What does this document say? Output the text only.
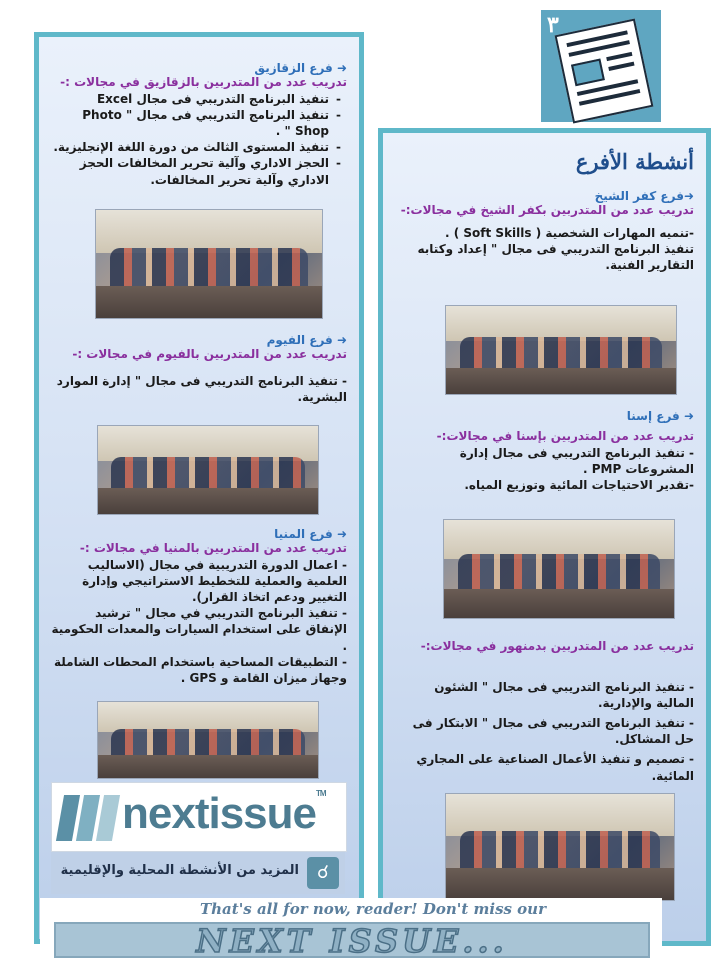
٣
➜ فرع الزقازيق
تدريب عدد من المتدربين بالزقازيق في مجالات :-
- تنفيذ البرنامج التدريبي فى مجال Excel
- تنفيذ البرنامج التدريبي فى مجال " Photo Shop " .
- تنفيذ المستوى الثالث من دورة اللغة الإنجليزية.
- الحجز الاداري وآلية تحرير المخالفات الحجز الاداري وآلية تحرير المخالفات.
➜ فرع الفيوم
تدريب عدد من المتدربين بالفيوم في مجالات :-
- تنفيذ البرنامج التدريبي فى مجال " إدارة الموارد البشرية.
➜ فرع المنيا
تدريب عدد من المتدربين بالمنيا في مجالات :-
- اعمال الدورة التدريبية في مجال (الاساليب العلمية والعملية للتخطيط الاستراتيجي وإدارة التغيير ودعم اتخاذ القرار).
- تنفيذ البرنامج التدريبي في مجال " ترشيد الإنفاق على استخدام السيارات والمعدات الحكومية .
- التطبيقات المساحية باستخدام المحطات الشاملة وجهاز ميزان القامة و GPS .
nextissue™
☌
المزيد من الأنشطة المحلية والإقليمية
أنشطة الأفرع
➜فرع كفر الشيخ
تدريب عدد من المتدربين بكفر الشيخ في مجالات:-
-تنميه المهارات الشخصية ( Soft Skills ) .
تنفيذ البرنامج التدريبي فى مجال " إعداد وكتابه التقارير الفنية.
➜ فرع إسنا
تدريب عدد من المتدربين بإسنا في مجالات:-
- تنفيذ البرنامج التدريبي فى مجال إدارة المشروعات PMP .
-تقدير الاحتياجات المائية وتوزيع المياه.
تدريب عدد من المتدربين بدمنهور في مجالات:-
- تنفيذ البرنامج التدريبي فى مجال " الشئون المالية والإدارية.
- تنفيذ البرنامج التدريبي فى مجال " الابتكار فى حل المشاكل.
- تصميم و تنفيذ الأعمال الصناعية على المجاري المائية.
That's all for now, reader! Don't miss our
NEXT ISSUE...
